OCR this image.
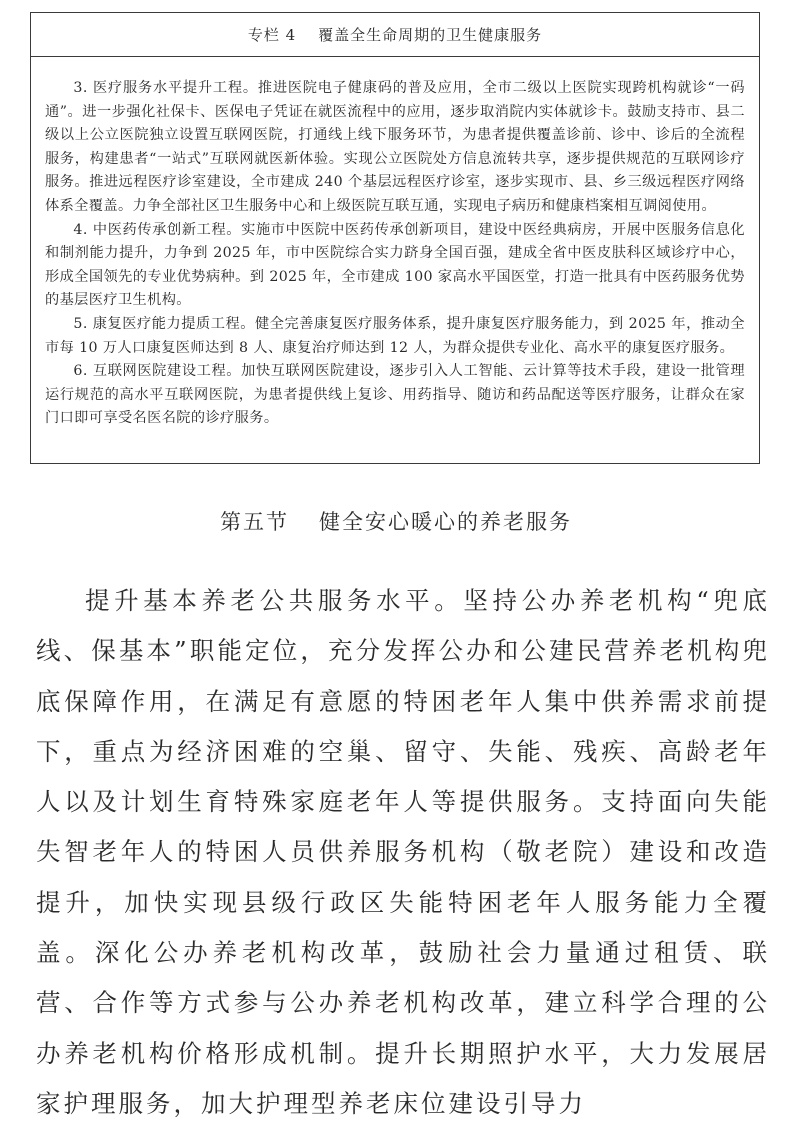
专栏 4 覆盖全生命周期的卫生健康服务

3. 医疗服务水平提升工程。推进医院电子健康码的普及应用，全市二级以上医院实现跨机构就诊“一码通”。进一步强化社保卡、医保电子凭证在就医流程中的应用，逐步取消院内实体就诊卡。鼓励支持市、县二级以上公立医院独立设置互联网医院，打通线上线下服务环节，为患者提供覆盖诊前、诊中、诊后的全流程服务，构建患者“一站式”互联网就医新体验。实现公立医院处方信息流转共享，逐步提供规范的互联网诊疗服务。推进远程医疗诊室建设，全市建成 240 个基层远程医疗诊室，逐步实现市、县、乡三级远程医疗网络体系全覆盖。力争全部社区卫生服务中心和上级医院互联互通，实现电子病历和健康档案相互调阅使用。

4. 中医药传承创新工程。实施市中医院中医药传承创新项目，建设中医经典病房，开展中医服务信息化和制剂能力提升，力争到 2025 年，市中医院综合实力跻身全国百强，建成全省中医皮肤科区域诊疗中心，形成全国领先的专业优势病种。到 2025 年，全市建成 100 家高水平国医堂，打造一批具有中医药服务优势的基层医疗卫生机构。

5. 康复医疗能力提质工程。健全完善康复医疗服务体系，提升康复医疗服务能力，到 2025 年，推动全市每 10 万人口康复医师达到 8 人、康复治疗师达到 12 人，为群众提供专业化、高水平的康复医疗服务。

6. 互联网医院建设工程。加快互联网医院建设，逐步引入人工智能、云计算等技术手段，建设一批管理运行规范的高水平互联网医院，为患者提供线上复诊、用药指导、随访和药品配送等医疗服务，让群众在家门口即可享受名医名院的诊疗服务。

第五节 健全安心暖心的养老服务

提升基本养老公共服务水平。坚持公办养老机构“兜底线、保基本”职能定位，充分发挥公办和公建民营养老机构兜底保障作用，在满足有意愿的特困老年人集中供养需求前提下，重点为经济困难的空巢、留守、失能、残疾、高龄老年人以及计划生育特殊家庭老年人等提供服务。支持面向失能失智老年人的特困人员供养服务机构（敬老院）建设和改造提升，加快实现县级行政区失能特困老年人服务能力全覆盖。深化公办养老机构改革，鼓励社会力量通过租赁、联营、合作等方式参与公办养老机构改革，建立科学合理的公办养老机构价格形成机制。提升长期照护水平，大力发展居家护理服务，加大护理型养老床位建设引导力
